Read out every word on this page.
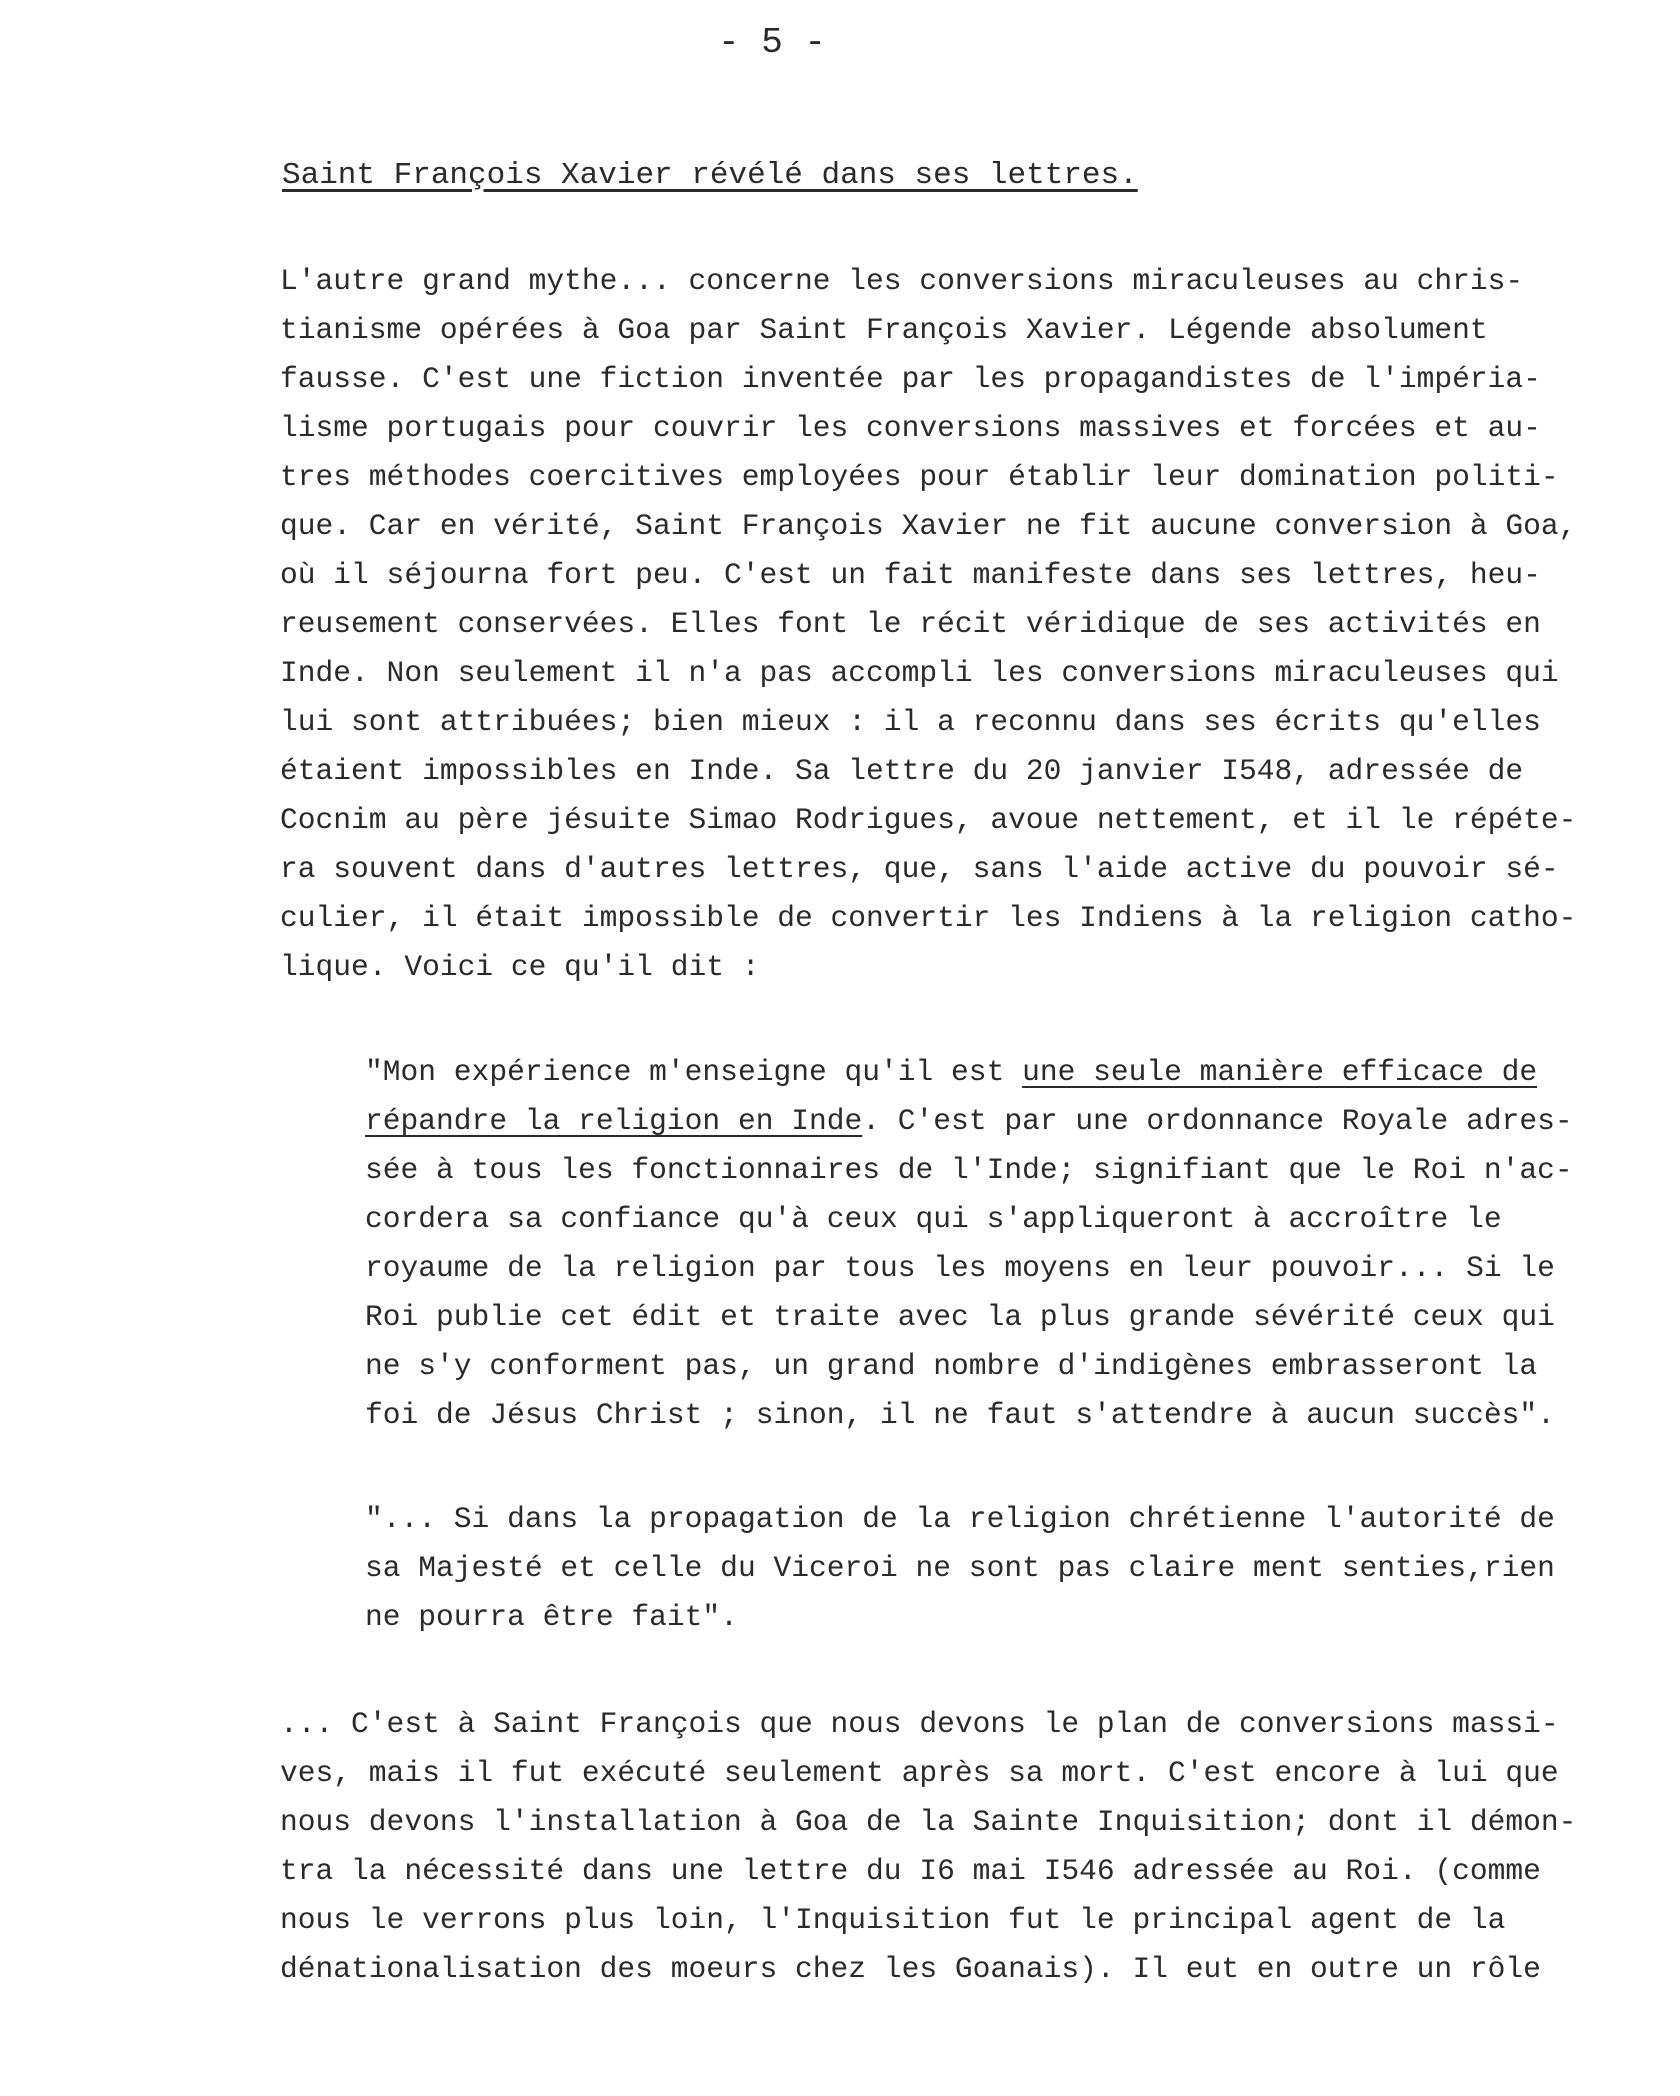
- 5 -
Saint François Xavier révélé dans ses lettres.
L'autre grand mythe... concerne les conversions miraculeuses au chris-
tianisme opérées à Goa par Saint François Xavier. Légende absolument
fausse. C'est une fiction inventée par les propagandistes de l'impéria-
lisme portugais pour couvrir les conversions massives et forcées et au-
tres méthodes coercitives employées pour établir leur domination politi-
que. Car en vérité, Saint François Xavier ne fit aucune conversion à Goa,
où il séjourna fort peu. C'est un fait manifeste dans ses lettres, heu-
reusement conservées. Elles font le récit véridique de ses activités en
Inde. Non seulement il n'a pas accompli les conversions miraculeuses qui
lui sont attribuées; bien mieux : il a reconnu dans ses écrits qu'elles
étaient impossibles en Inde. Sa lettre du 20 janvier I548, adressée de
Cocnim au père jésuite Simao Rodrigues, avoue nettement, et il le répéte-
ra souvent dans d'autres lettres, que, sans l'aide active du pouvoir sé-
culier, il était impossible de convertir les Indiens à la religion catho-
lique. Voici ce qu'il dit :
"Mon expérience m'enseigne qu'il est une seule manière efficace de
répandre la religion en Inde. C'est par une ordonnance Royale adres-
sée à tous les fonctionnaires de l'Inde; signifiant que le Roi n'ac-
cordera sa confiance qu'à ceux qui s'appliqueront à accroître le
royaume de la religion par tous les moyens en leur pouvoir... Si le
Roi publie cet édit et traite avec la plus grande sévérité ceux qui
ne s'y conforment pas, un grand nombre d'indigènes embrasseront la
foi de Jésus Christ ; sinon, il ne faut s'attendre à aucun succès".
"... Si dans la propagation de la religion chrétienne l'autorité de
sa Majesté et celle du Viceroi ne sont pas claire ment senties,rien
ne pourra être fait".
... C'est à Saint François que nous devons le plan de conversions massi-
ves, mais il fut exécuté seulement après sa mort. C'est encore à lui que
nous devons l'installation à Goa de la Sainte Inquisition; dont il démon-
tra la nécessité dans une lettre du I6 mai I546 adressée au Roi. (comme
nous le verrons plus loin, l'Inquisition fut le principal agent de la
dénationalisation des moeurs chez les Goanais). Il eut en outre un rôle
